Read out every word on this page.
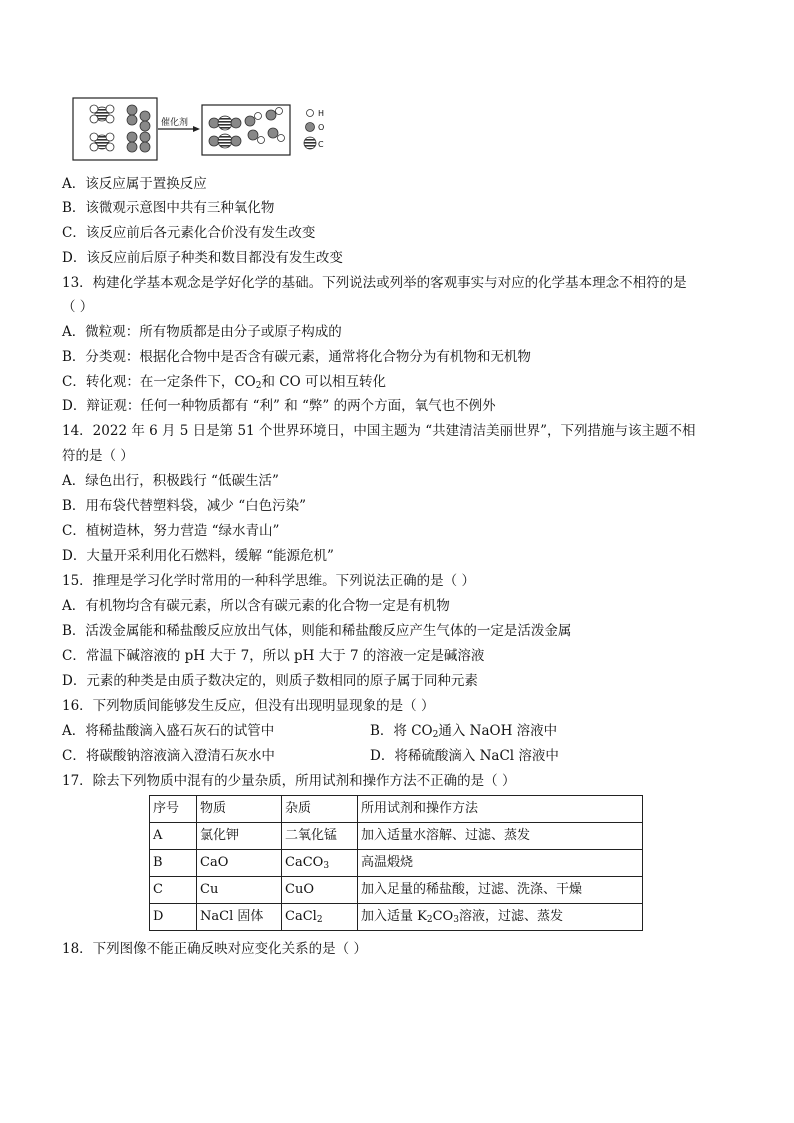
催化剂
H
O
C
A．该反应属于置换反应
B．该微观示意图中共有三种氧化物
C．该反应前后各元素化合价没有发生改变
D．该反应前后原子种类和数目都没有发生改变
13．构建化学基本观念是学好化学的基础。下列说法或列举的客观事实与对应的化学基本理念不相符的是
（ ）
A．微粒观：所有物质都是由分子或原子构成的
B．分类观：根据化合物中是否含有碳元素，通常将化合物分为有机物和无机物
C．转化观：在一定条件下，$CO_2$和 CO 可以相互转化
D．辩证观：任何一种物质都有 “利” 和 “弊” 的两个方面，氧气也不例外
14．2022 年 6 月 5 日是第 51 个世界环境日，中国主题为 “共建清洁美丽世界”，下列措施与该主题不相
符的是（ ）
A．绿色出行，积极践行 “低碳生活”
B．用布袋代替塑料袋，减少 “白色污染”
C．植树造林，努力营造 “绿水青山”
D．大量开采利用化石燃料，缓解 “能源危机”
15．推理是学习化学时常用的一种科学思维。下列说法正确的是（ ）
A．有机物均含有碳元素，所以含有碳元素的化合物一定是有机物
B．活泼金属能和稀盐酸反应放出气体，则能和稀盐酸反应产生气体的一定是活泼金属
C．常温下碱溶液的 pH 大于 7，所以 pH 大于 7 的溶液一定是碱溶液
D．元素的种类是由质子数决定的，则质子数相同的原子属于同种元素
16．下列物质间能够发生反应，但没有出现明显现象的是（ ）
A．将稀盐酸滴入盛石灰石的试管中	B．将 $CO_2$通入 NaOH 溶液中
C．将碳酸钠溶液滴入澄清石灰水中	D．将稀硫酸滴入 NaCl 溶液中
17．除去下列物质中混有的少量杂质，所用试剂和操作方法不正确的是（ ）
序号	物质	杂质	所用试剂和操作方法
A	氯化钾	二氧化锰	加入适量水溶解、过滤、蒸发
B	CaO	CaCO$_3$	高温煅烧
C	Cu	CuO	加入足量的稀盐酸，过滤、洗涤、干燥
D	NaCl 固体	CaCl$_2$	加入适量 $K_2CO_3$溶液，过滤、蒸发
18．下列图像不能正确反映对应变化关系的是（ ）
